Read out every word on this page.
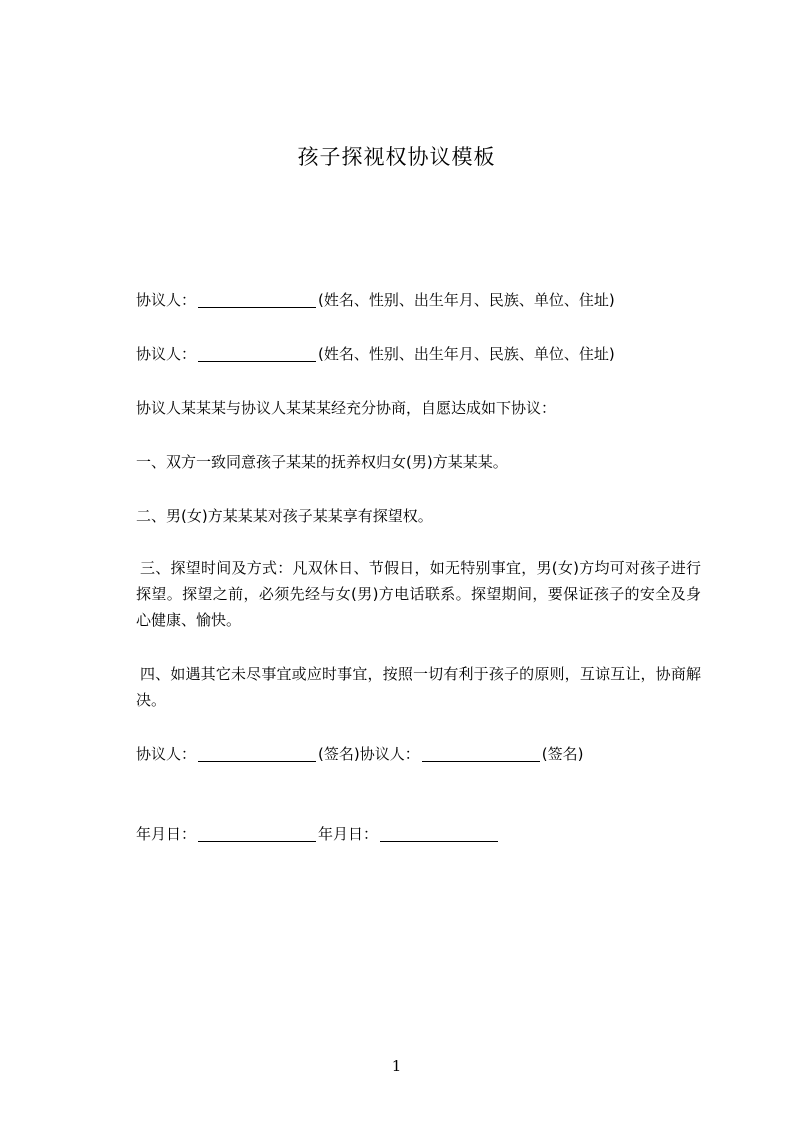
孩子探视权协议模板
协议人：	(姓名、性别、出生年月、民族、单位、住址)
协议人：	(姓名、性别、出生年月、民族、单位、住址)
协议人某某某与协议人某某某经充分协商，自愿达成如下协议：
一、双方一致同意孩子某某的抚养权归女(男)方某某某。
二、男(女)方某某某对孩子某某享有探望权。
三、探望时间及方式：凡双休日、节假日，如无特别事宜，男(女)方均可对孩子进行探望。探望之前，必须先经与女(男)方电话联系。探望期间，要保证孩子的安全及身心健康、愉快。
四、如遇其它未尽事宜或应时事宜，按照一切有利于孩子的原则，互谅互让，协商解决。
协议人：	(签名)协议人：	(签名)
年月日：	年月日：
1
